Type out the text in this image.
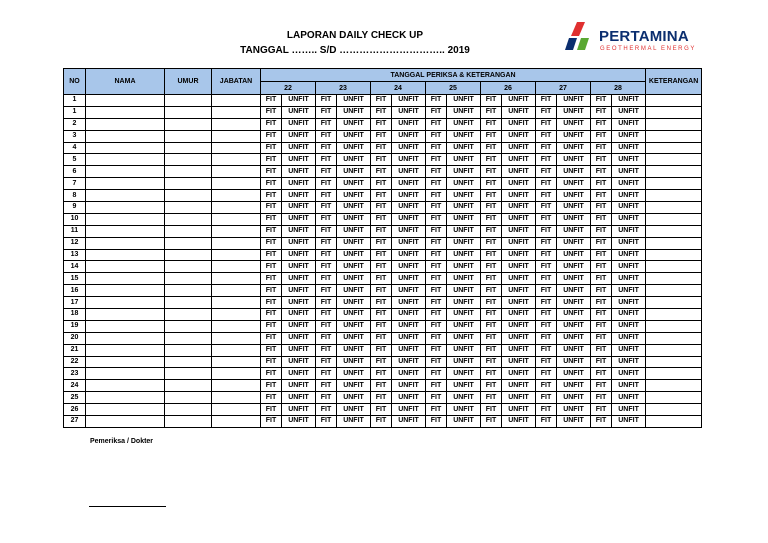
LAPORAN DAILY CHECK UP
TANGGAL …….. S/D ………………………….. 2019
PERTAMINA
GEOTHERMAL ENERGY
NO	NAMA	UMUR	JABATAN	TANGGAL PERIKSA & KETERANGAN														KETERANGAN
				22		23		24		25		26		27		28		
1				FIT	UNFIT	FIT	UNFIT	FIT	UNFIT	FIT	UNFIT	FIT	UNFIT	FIT	UNFIT	FIT	UNFIT	
1				FIT	UNFIT	FIT	UNFIT	FIT	UNFIT	FIT	UNFIT	FIT	UNFIT	FIT	UNFIT	FIT	UNFIT	
2				FIT	UNFIT	FIT	UNFIT	FIT	UNFIT	FIT	UNFIT	FIT	UNFIT	FIT	UNFIT	FIT	UNFIT	
3				FIT	UNFIT	FIT	UNFIT	FIT	UNFIT	FIT	UNFIT	FIT	UNFIT	FIT	UNFIT	FIT	UNFIT	
4				FIT	UNFIT	FIT	UNFIT	FIT	UNFIT	FIT	UNFIT	FIT	UNFIT	FIT	UNFIT	FIT	UNFIT	
5				FIT	UNFIT	FIT	UNFIT	FIT	UNFIT	FIT	UNFIT	FIT	UNFIT	FIT	UNFIT	FIT	UNFIT	
6				FIT	UNFIT	FIT	UNFIT	FIT	UNFIT	FIT	UNFIT	FIT	UNFIT	FIT	UNFIT	FIT	UNFIT	
7				FIT	UNFIT	FIT	UNFIT	FIT	UNFIT	FIT	UNFIT	FIT	UNFIT	FIT	UNFIT	FIT	UNFIT	
8				FIT	UNFIT	FIT	UNFIT	FIT	UNFIT	FIT	UNFIT	FIT	UNFIT	FIT	UNFIT	FIT	UNFIT	
9				FIT	UNFIT	FIT	UNFIT	FIT	UNFIT	FIT	UNFIT	FIT	UNFIT	FIT	UNFIT	FIT	UNFIT	
10				FIT	UNFIT	FIT	UNFIT	FIT	UNFIT	FIT	UNFIT	FIT	UNFIT	FIT	UNFIT	FIT	UNFIT	
11				FIT	UNFIT	FIT	UNFIT	FIT	UNFIT	FIT	UNFIT	FIT	UNFIT	FIT	UNFIT	FIT	UNFIT	
12				FIT	UNFIT	FIT	UNFIT	FIT	UNFIT	FIT	UNFIT	FIT	UNFIT	FIT	UNFIT	FIT	UNFIT	
13				FIT	UNFIT	FIT	UNFIT	FIT	UNFIT	FIT	UNFIT	FIT	UNFIT	FIT	UNFIT	FIT	UNFIT	
14				FIT	UNFIT	FIT	UNFIT	FIT	UNFIT	FIT	UNFIT	FIT	UNFIT	FIT	UNFIT	FIT	UNFIT	
15				FIT	UNFIT	FIT	UNFIT	FIT	UNFIT	FIT	UNFIT	FIT	UNFIT	FIT	UNFIT	FIT	UNFIT	
16				FIT	UNFIT	FIT	UNFIT	FIT	UNFIT	FIT	UNFIT	FIT	UNFIT	FIT	UNFIT	FIT	UNFIT	
17				FIT	UNFIT	FIT	UNFIT	FIT	UNFIT	FIT	UNFIT	FIT	UNFIT	FIT	UNFIT	FIT	UNFIT	
18				FIT	UNFIT	FIT	UNFIT	FIT	UNFIT	FIT	UNFIT	FIT	UNFIT	FIT	UNFIT	FIT	UNFIT	
19				FIT	UNFIT	FIT	UNFIT	FIT	UNFIT	FIT	UNFIT	FIT	UNFIT	FIT	UNFIT	FIT	UNFIT	
20				FIT	UNFIT	FIT	UNFIT	FIT	UNFIT	FIT	UNFIT	FIT	UNFIT	FIT	UNFIT	FIT	UNFIT	
21				FIT	UNFIT	FIT	UNFIT	FIT	UNFIT	FIT	UNFIT	FIT	UNFIT	FIT	UNFIT	FIT	UNFIT	
22				FIT	UNFIT	FIT	UNFIT	FIT	UNFIT	FIT	UNFIT	FIT	UNFIT	FIT	UNFIT	FIT	UNFIT	
23				FIT	UNFIT	FIT	UNFIT	FIT	UNFIT	FIT	UNFIT	FIT	UNFIT	FIT	UNFIT	FIT	UNFIT	
24				FIT	UNFIT	FIT	UNFIT	FIT	UNFIT	FIT	UNFIT	FIT	UNFIT	FIT	UNFIT	FIT	UNFIT	
25				FIT	UNFIT	FIT	UNFIT	FIT	UNFIT	FIT	UNFIT	FIT	UNFIT	FIT	UNFIT	FIT	UNFIT	
26				FIT	UNFIT	FIT	UNFIT	FIT	UNFIT	FIT	UNFIT	FIT	UNFIT	FIT	UNFIT	FIT	UNFIT	
27				FIT	UNFIT	FIT	UNFIT	FIT	UNFIT	FIT	UNFIT	FIT	UNFIT	FIT	UNFIT	FIT	UNFIT	
Pemeriksa / Dokter
